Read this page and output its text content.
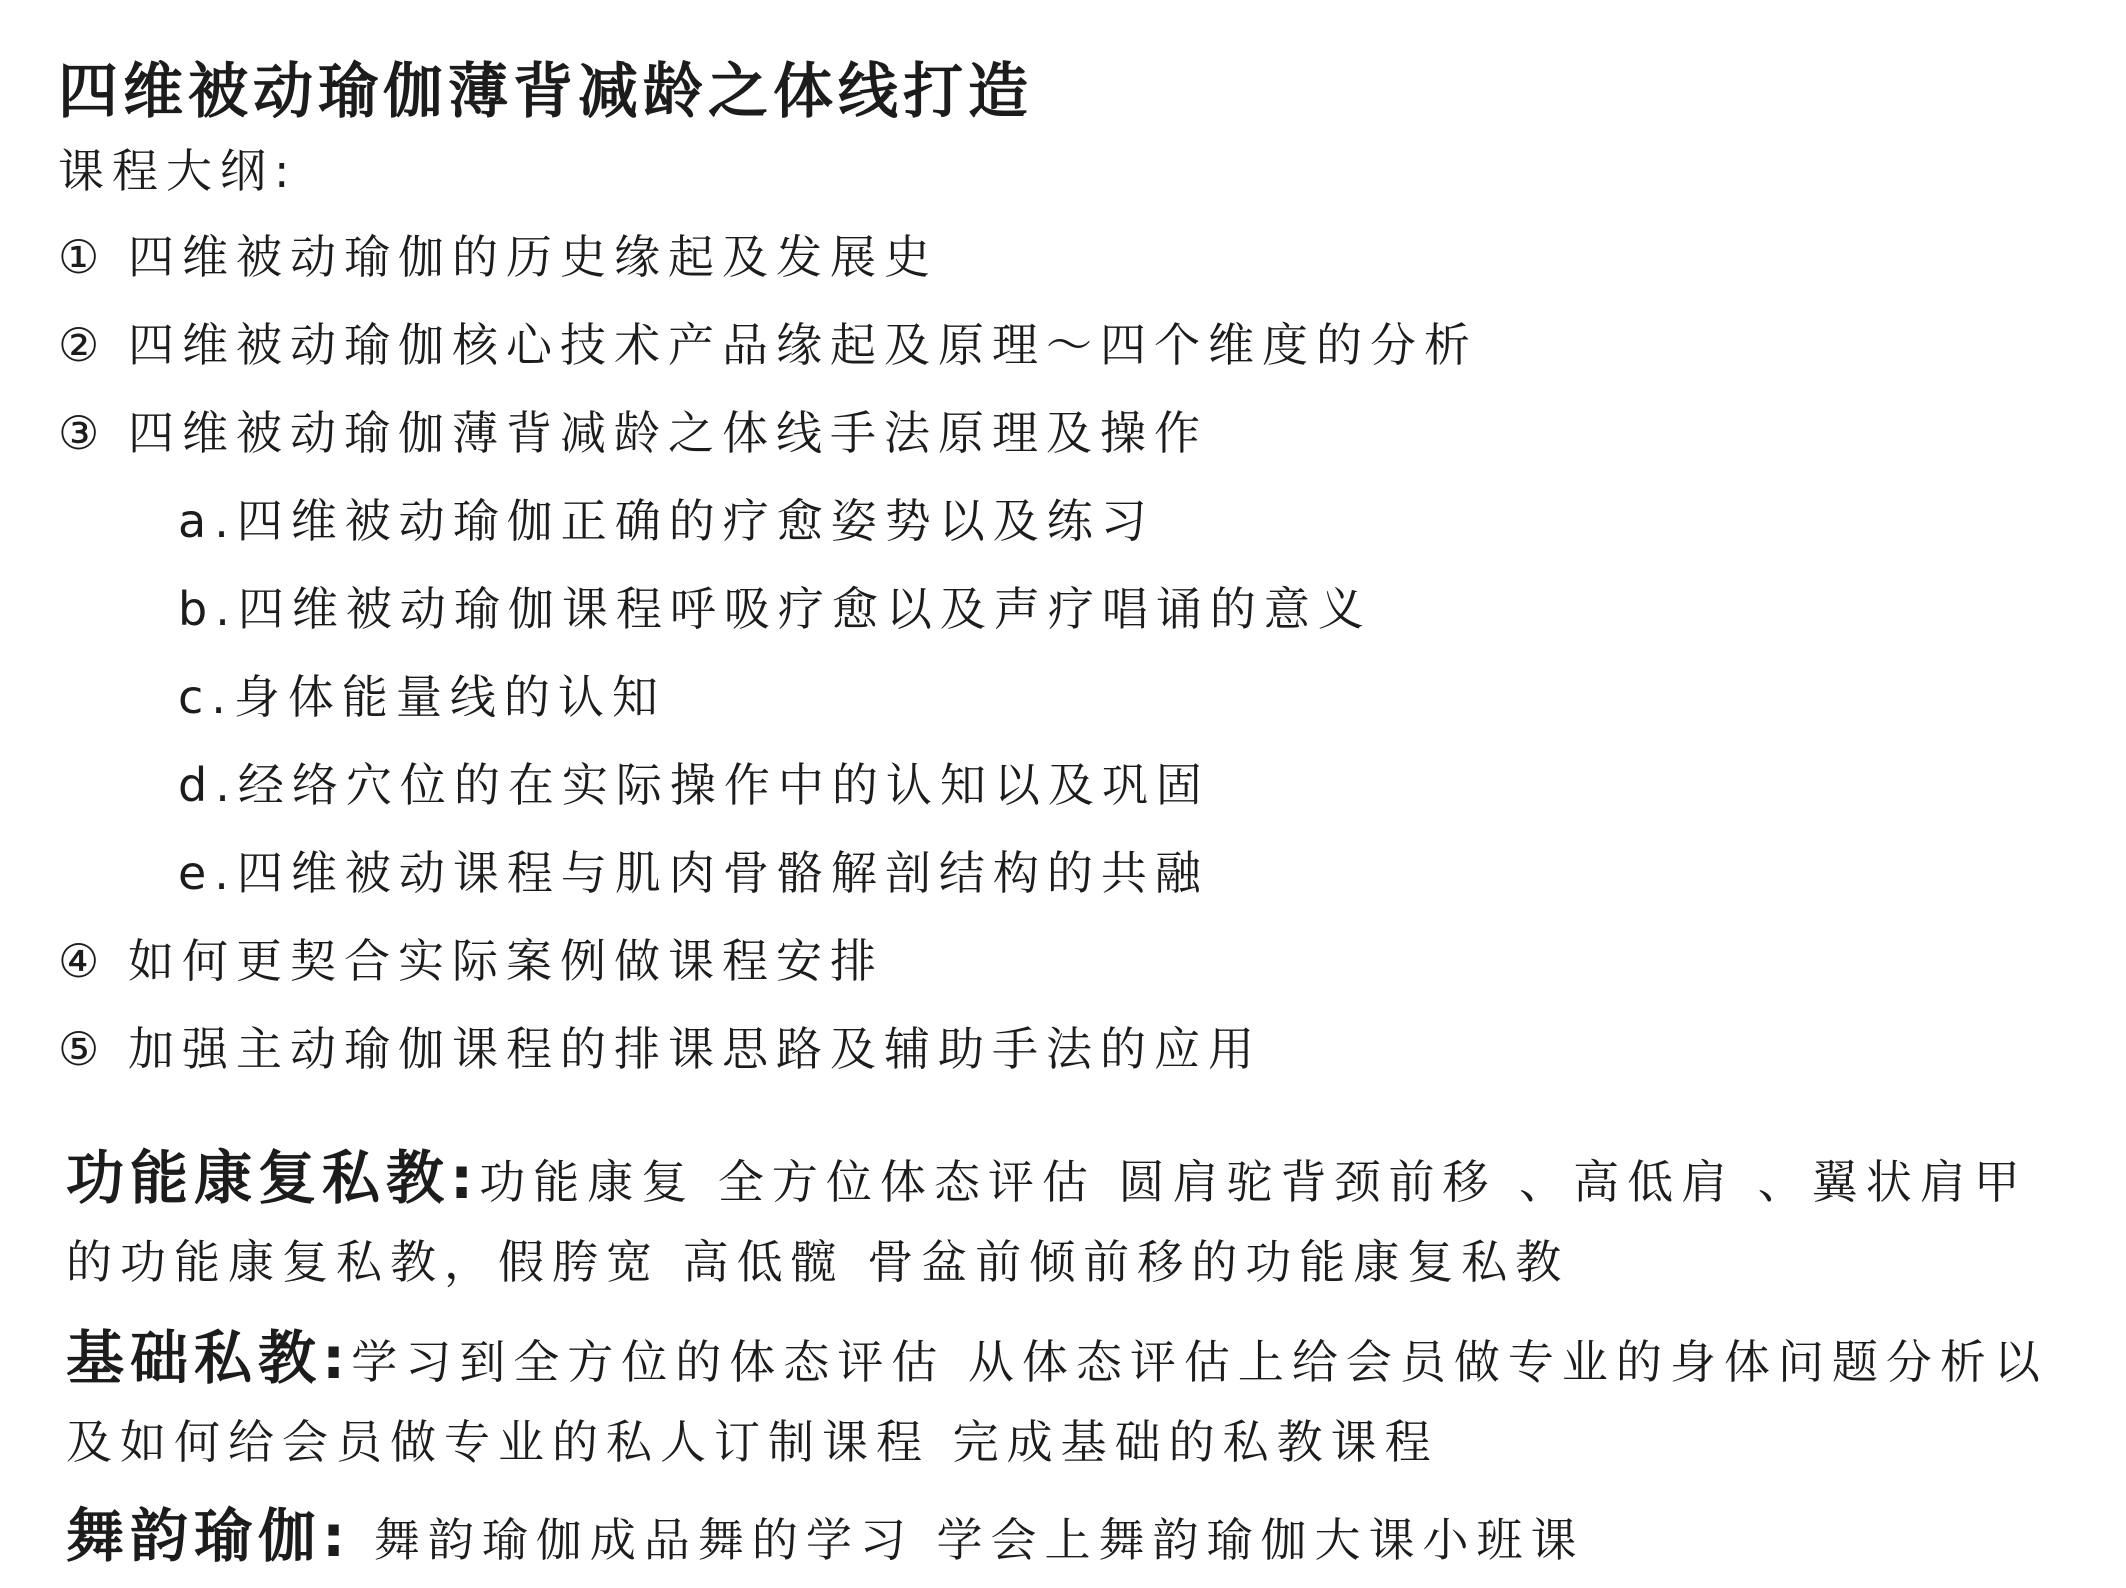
四维被动瑜伽薄背减龄之体线打造
课程大纲:
① 四维被动瑜伽的历史缘起及发展史
② 四维被动瑜伽核心技术产品缘起及原理～四个维度的分析
③ 四维被动瑜伽薄背减龄之体线手法原理及操作
a.四维被动瑜伽正确的疗愈姿势以及练习
b.四维被动瑜伽课程呼吸疗愈以及声疗唱诵的意义
c.身体能量线的认知
d.经络穴位的在实际操作中的认知以及巩固
e.四维被动课程与肌肉骨骼解剖结构的共融
④ 如何更契合实际案例做课程安排
⑤ 加强主动瑜伽课程的排课思路及辅助手法的应用
功能康复私教:功能康复 全方位体态评估 圆肩驼背颈前移 、高低肩 、翼状肩甲的功能康复私教，假胯宽 高低髋 骨盆前倾前移的功能康复私教
基础私教:学习到全方位的体态评估 从体态评估上给会员做专业的身体问题分析以及如何给会员做专业的私人订制课程 完成基础的私教课程
舞韵瑜伽: 舞韵瑜伽成品舞的学习 学会上舞韵瑜伽大课小班课
